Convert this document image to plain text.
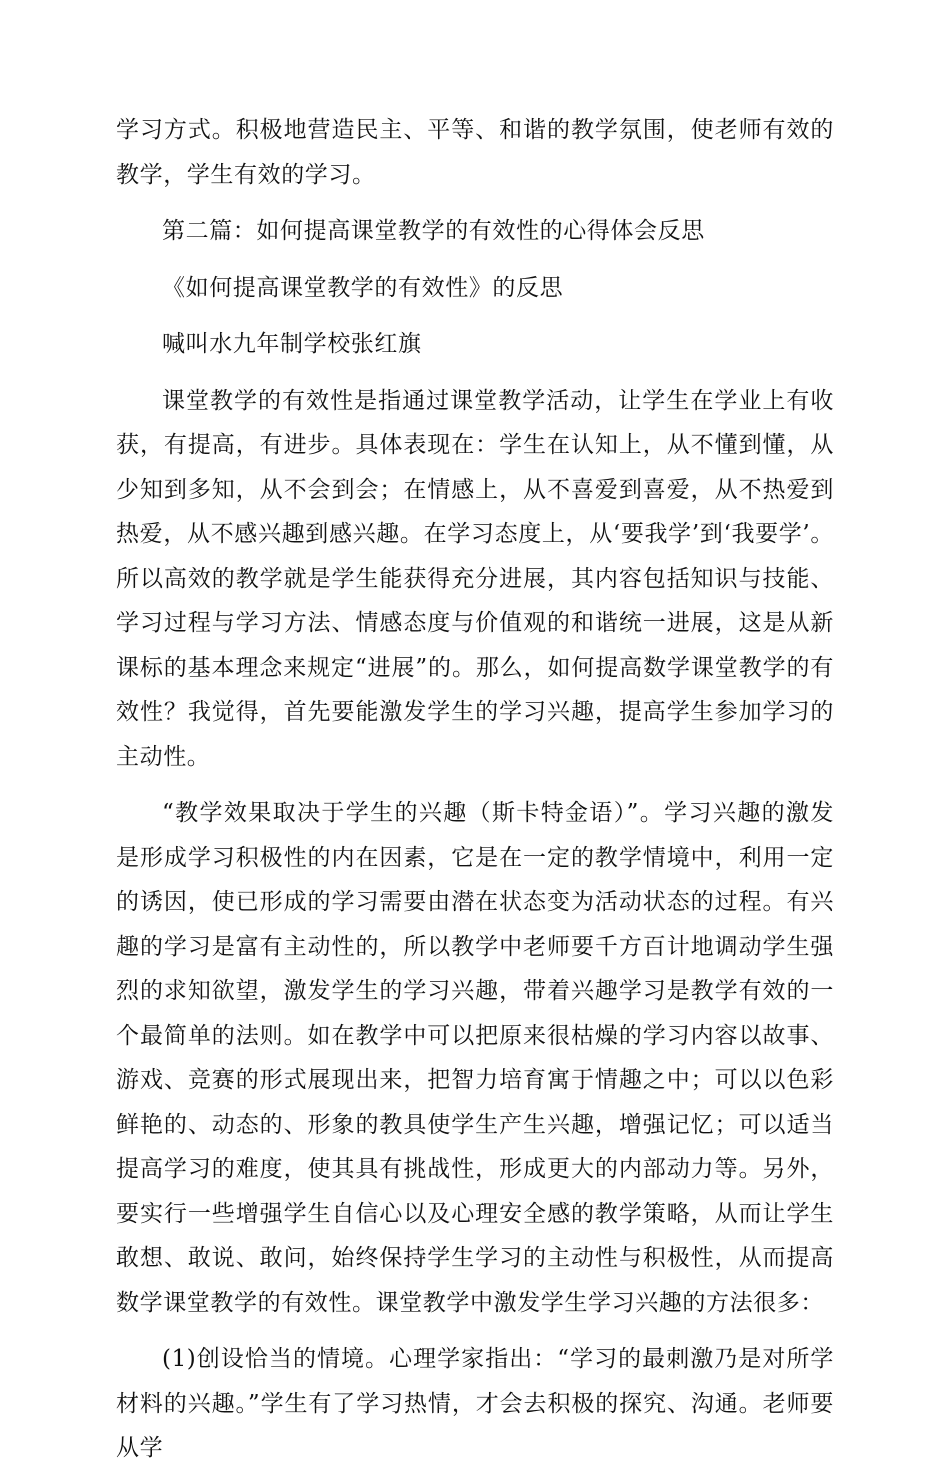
学习方式。积极地营造民主、平等、和谐的教学氛围，使老师有效的教学，学生有效的学习。

第二篇：如何提高课堂教学的有效性的心得体会反思

《如何提高课堂教学的有效性》的反思

喊叫水九年制学校张红旗

课堂教学的有效性是指通过课堂教学活动，让学生在学业上有收获，有提高，有进步。具体表现在：学生在认知上，从不懂到懂，从少知到多知，从不会到会；在情感上，从不喜爱到喜爱，从不热爱到热爱，从不感兴趣到感兴趣。在学习态度上，从‘要我学’到‘我要学’。所以高效的教学就是学生能获得充分进展，其内容包括知识与技能、学习过程与学习方法、情感态度与价值观的和谐统一进展，这是从新课标的基本理念来规定“进展”的。那么，如何提高数学课堂教学的有效性？我觉得，首先要能激发学生的学习兴趣，提高学生参加学习的主动性。

“教学效果取决于学生的兴趣（斯卡特金语）”。学习兴趣的激发是形成学习积极性的内在因素，它是在一定的教学情境中，利用一定的诱因，使已形成的学习需要由潜在状态变为活动状态的过程。有兴趣的学习是富有主动性的，所以教学中老师要千方百计地调动学生强烈的求知欲望，激发学生的学习兴趣，带着兴趣学习是教学有效的一个最简单的法则。如在教学中可以把原来很枯燥的学习内容以故事、游戏、竞赛的形式展现出来，把智力培育寓于情趣之中；可以以色彩鲜艳的、动态的、形象的教具使学生产生兴趣，增强记忆；可以适当提高学习的难度，使其具有挑战性，形成更大的内部动力等。另外，要实行一些增强学生自信心以及心理安全感的教学策略，从而让学生敢想、敢说、敢问，始终保持学生学习的主动性与积极性，从而提高数学课堂教学的有效性。课堂教学中激发学生学习兴趣的方法很多：

(1)创设恰当的情境。心理学家指出：“学习的最刺激乃是对所学材料的兴趣。”学生有了学习热情，才会去积极的探究、沟通。老师要从学
